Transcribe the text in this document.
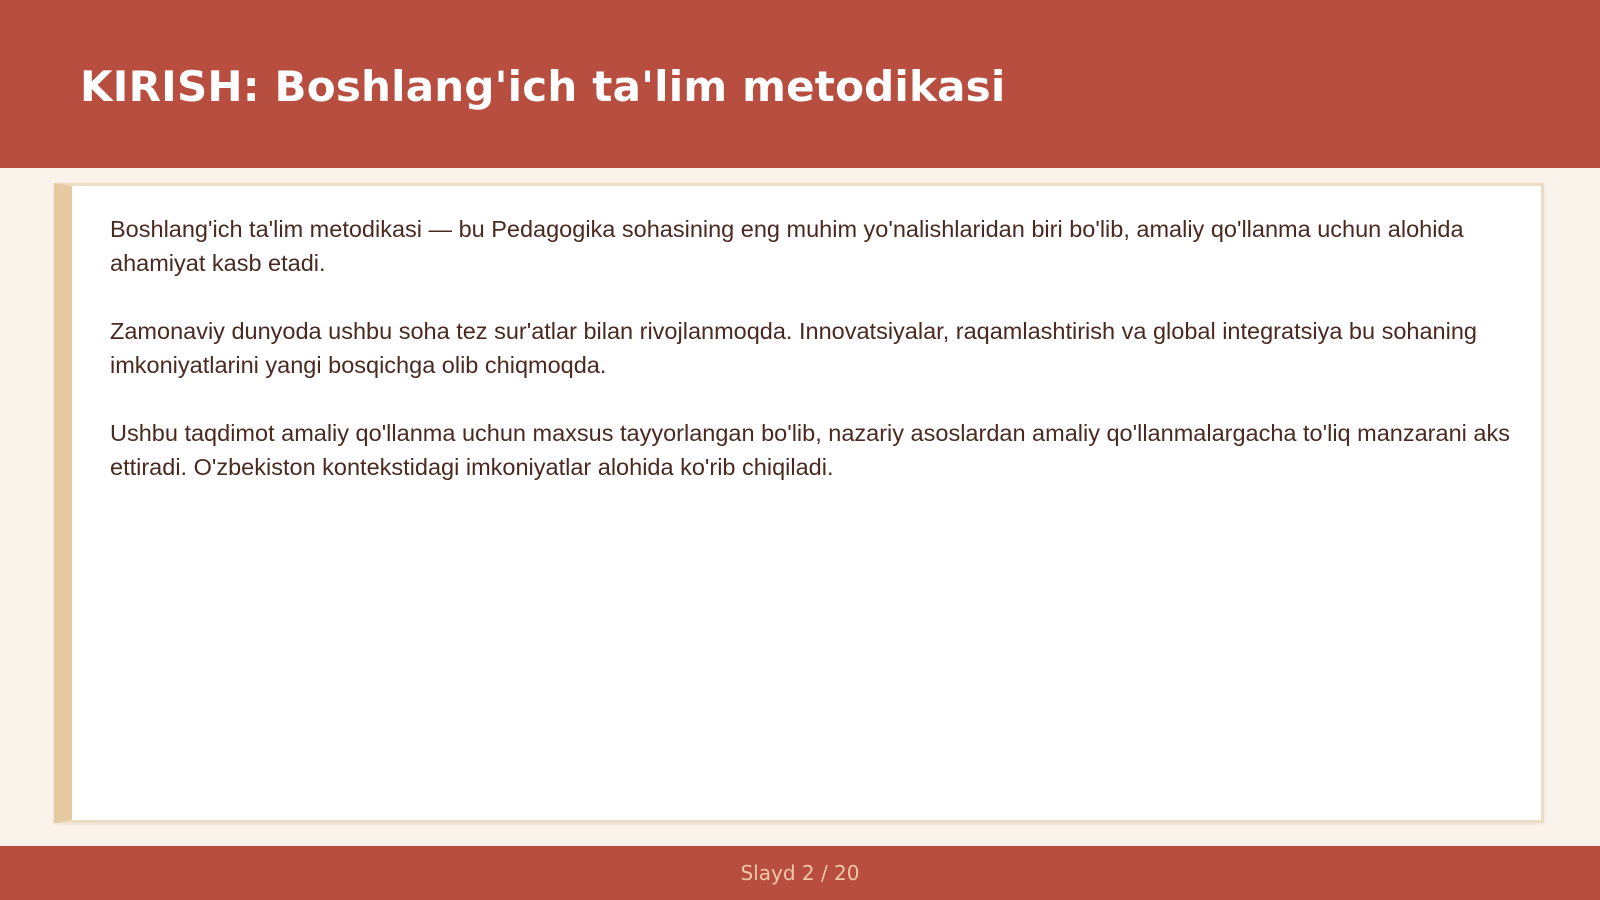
KIRISH: Boshlang'ich ta'lim metodikasi

Boshlang'ich ta'lim metodikasi — bu Pedagogika sohasining eng muhim yo'nalishlaridan biri bo'lib, amaliy qo'llanma uchun alohida ahamiyat kasb etadi.

Zamonaviy dunyoda ushbu soha tez sur'atlar bilan rivojlanmoqda. Innovatsiyalar, raqamlashtirish va global integratsiya bu sohaning imkoniyatlarini yangi bosqichga olib chiqmoqda.

Ushbu taqdimot amaliy qo'llanma uchun maxsus tayyorlangan bo'lib, nazariy asoslardan amaliy qo'llanmalargacha to'liq manzarani aks ettiradi. O'zbekiston kontekstidagi imkoniyatlar alohida ko'rib chiqiladi.

Slayd 2 / 20
